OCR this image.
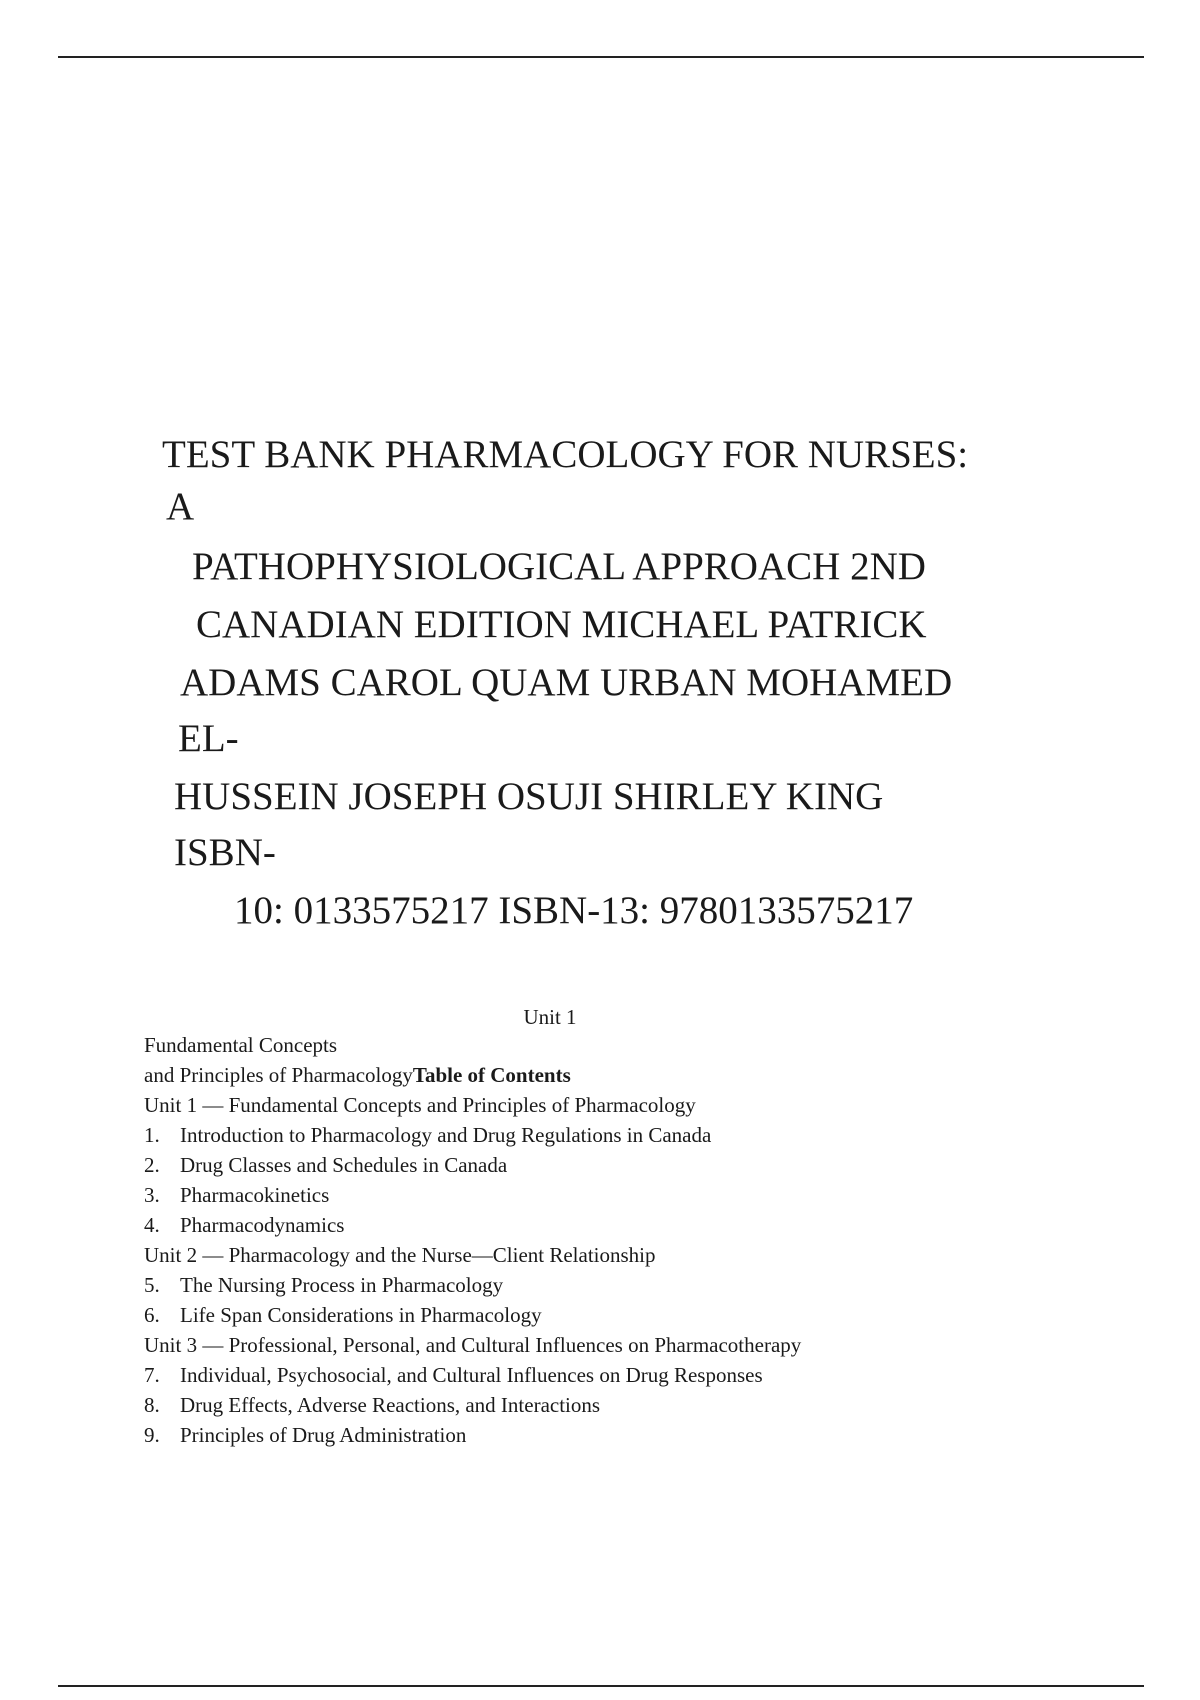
TEST BANK PHARMACOLOGY FOR NURSES:
A
PATHOPHYSIOLOGICAL APPROACH 2ND
CANADIAN EDITION MICHAEL PATRICK
ADAMS CAROL QUAM URBAN MOHAMED
EL-
HUSSEIN JOSEPH OSUJI SHIRLEY KING
ISBN-
10: 0133575217 ISBN-13: 9780133575217
Unit 1
Fundamental Concepts
and Principles of PharmacologyTable of Contents
Unit 1 — Fundamental Concepts and Principles of Pharmacology
1. Introduction to Pharmacology and Drug Regulations in Canada
2. Drug Classes and Schedules in Canada
3. Pharmacokinetics
4. Pharmacodynamics
Unit 2 — Pharmacology and the Nurse—Client Relationship
5. The Nursing Process in Pharmacology
6. Life Span Considerations in Pharmacology
Unit 3 — Professional, Personal, and Cultural Influences on Pharmacotherapy
7. Individual, Psychosocial, and Cultural Influences on Drug Responses
8. Drug Effects, Adverse Reactions, and Interactions
9. Principles of Drug Administration
